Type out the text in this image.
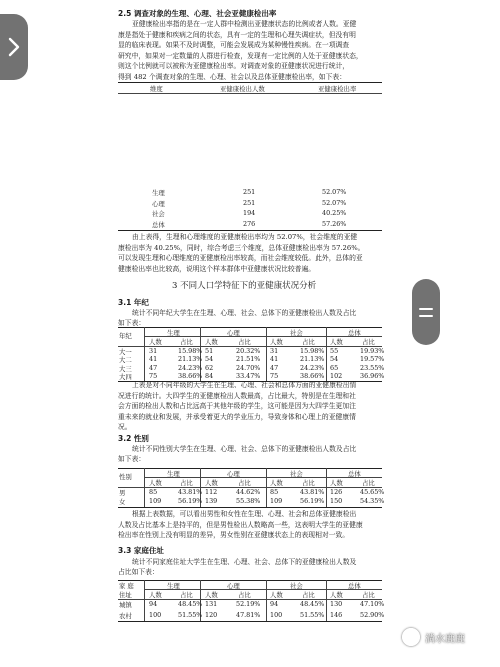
2.5 调查对象的生理、心理、社会亚健康检出率
亚健康检出率指的是在一定人群中检测出亚健康状态的比例或者人数。亚健
康是指处于健康和疾病之间的状态，具有一定的生理和心理失调症状，但没有明
显的临床表现。如果不及时调整，可能会发展成为某种慢性疾病。在一项调查
研究中，如果对一定数量的人群进行检查，发现有一定比例的人处于亚健康状态，
则这个比例就可以被称为亚健康检出率。对调查对象的亚健康状况进行统计，
得到 482 个调查对象的生理、心理、社会以及总体亚健康检出率，如下表：
维度	亚健康检出人数	亚健康检出率
生理	251	52.07%
心理	251	52.07%
社会	194	40.25%
总体	276	57.26%
由上表得，生理和心理维度的亚健康检出率均为 52.07%，社会维度的亚健
康检出率为 40.25%，同时，综合考虑三个维度，总体亚健康检出率为 57.26%。
可以发现生理和心理维度的亚健康检出率较高，而社会维度较低。此外，总体的亚
健康检出率也比较高，说明这个样本群体中亚健康状况比较普遍。
3 不同人口学特征下的亚健康状况分析
3.1 年纪
统计不同年纪大学生在生理、心理、社会、总体下的亚健康检出人数及占比
如下表：
生理	心理	社会	总体
年纪
人数	占比 人数	占比	人数	占比 人数	占比
大一	31	15.98% 51	20.32% 31	15.98% 55	19.93%
大二	41	21.13% 54	21.51% 41	21.13% 54	19.57%
大三	47	24.23% 62	24.70% 47	24.23% 65	23.55%
大四	75	38.66% 84	33.47% 75	38.66% 102	36.96%
上表是对不同年级的大学生在生理、心理、社会和总体方面的亚健康检出情
况进行的统计。大四学生的亚健康检出人数最高，占比最大，特别是在生理和社
会方面的检出人数和占比远高于其他年级的学生，这可能是因为大四学生更加注
重未来的就业和发展，并承受着更大的学业压力，导致身体和心理上的亚健康情
况。
3.2 性别
统计不同性别大学生在生理、心理、社会、总体下的亚健康检出人数及占比
如下表：
生理	心理	社会	总体
性别
人数	占比 人数	占比	人数	占比 人数	占比
男	85	43.81% 112	44.62% 85	43.81% 126	45.65%
女	109	56.19% 139	55.38% 109	56.19% 150	54.35%
根据上表数据，可以看出男性和女性在生理、心理、社会和总体亚健康检出
人数及占比基本上是持平的，但是男性检出人数略高一些，这表明大学生的亚健康
检出率在性别上没有明显的差异，男女性别在亚健康状态上的表现相对一致。
3.3 家庭住址
统计不同家庭住址大学生在生理、心理、社会、总体下的亚健康检出人数及
占比如下表：
生理	心理	社会	总体
家 庭
住址	人数	占比 人数	占比	人数	占比 人数	占比
城镇	94	48.45% 131	52.19% 94	48.45% 130	47.10%
农村	100	51.55% 120	47.81% 100	51.55% 146	52.90%
淌水鹿鹿
